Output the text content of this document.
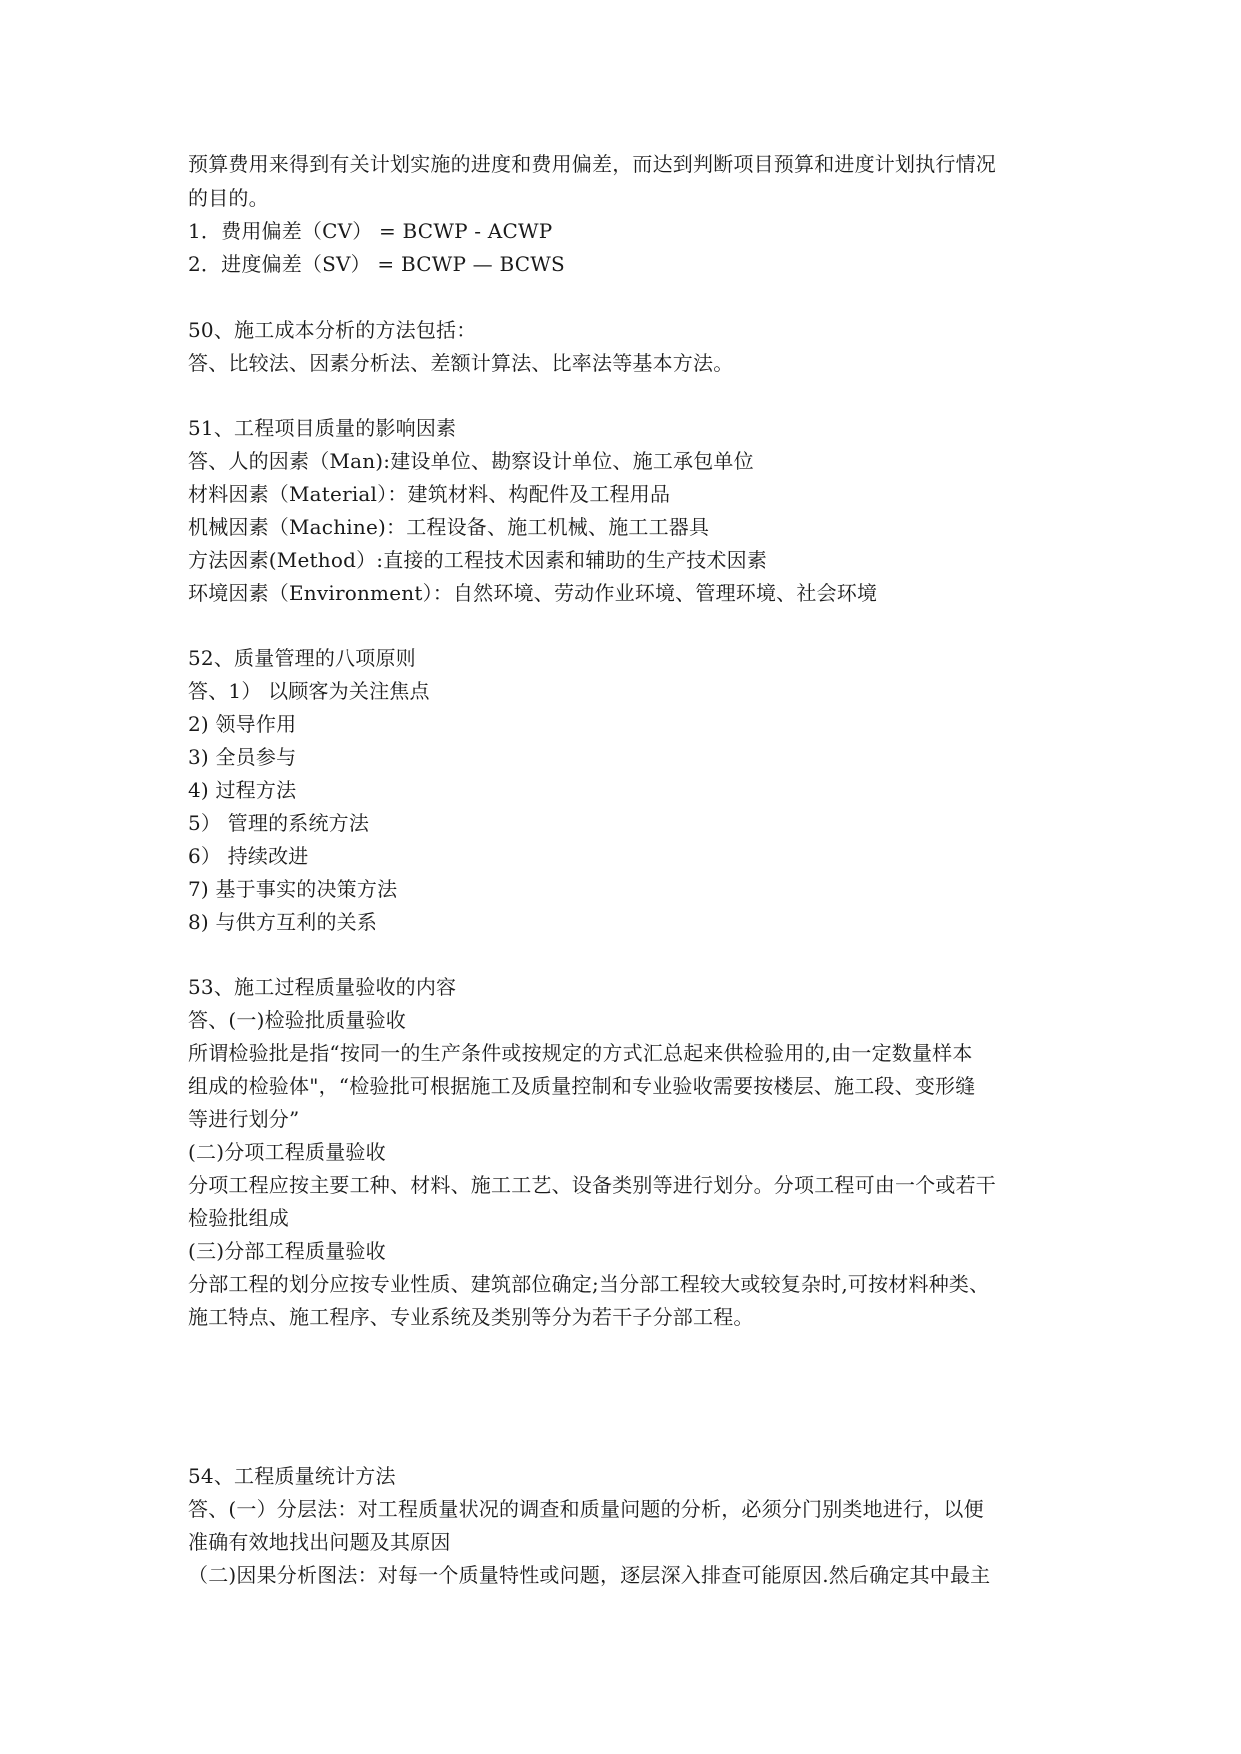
预算费用来得到有关计划实施的进度和费用偏差，而达到判断项目预算和进度计划执行情况
的目的。
1．费用偏差（CV） = BCWP - ACWP
2．进度偏差（SV） = BCWP — BCWS
50、施工成本分析的方法包括：
答、比较法、因素分析法、差额计算法、比率法等基本方法。
51、工程项目质量的影响因素
答、人的因素（Man):建设单位、勘察设计单位、施工承包单位
材料因素（Material）：建筑材料、构配件及工程用品
机械因素（Machine)：工程设备、施工机械、施工工器具
方法因素(Method）:直接的工程技术因素和辅助的生产技术因素
环境因素（Environment）：自然环境、劳动作业环境、管理环境、社会环境
52、质量管理的八项原则
答、1） 以顾客为关注焦点
2) 领导作用
3) 全员参与
4) 过程方法
5） 管理的系统方法
6） 持续改进
7) 基于事实的决策方法
8) 与供方互利的关系
53、施工过程质量验收的内容
答、(一)检验批质量验收
所谓检验批是指“按同一的生产条件或按规定的方式汇总起来供检验用的,由一定数量样本
组成的检验体"，“检验批可根据施工及质量控制和专业验收需要按楼层、施工段、变形缝
等进行划分”
(二)分项工程质量验收
分项工程应按主要工种、材料、施工工艺、设备类别等进行划分。分项工程可由一个或若干
检验批组成
(三)分部工程质量验收
分部工程的划分应按专业性质、建筑部位确定;当分部工程较大或较复杂时,可按材料种类、
施工特点、施工程序、专业系统及类别等分为若干子分部工程。
54、工程质量统计方法
答、(一）分层法：对工程质量状况的调查和质量问题的分析，必须分门别类地进行，以便
准确有效地找出问题及其原因
（二)因果分析图法：对每一个质量特性或问题，逐层深入排查可能原因.然后确定其中最主
